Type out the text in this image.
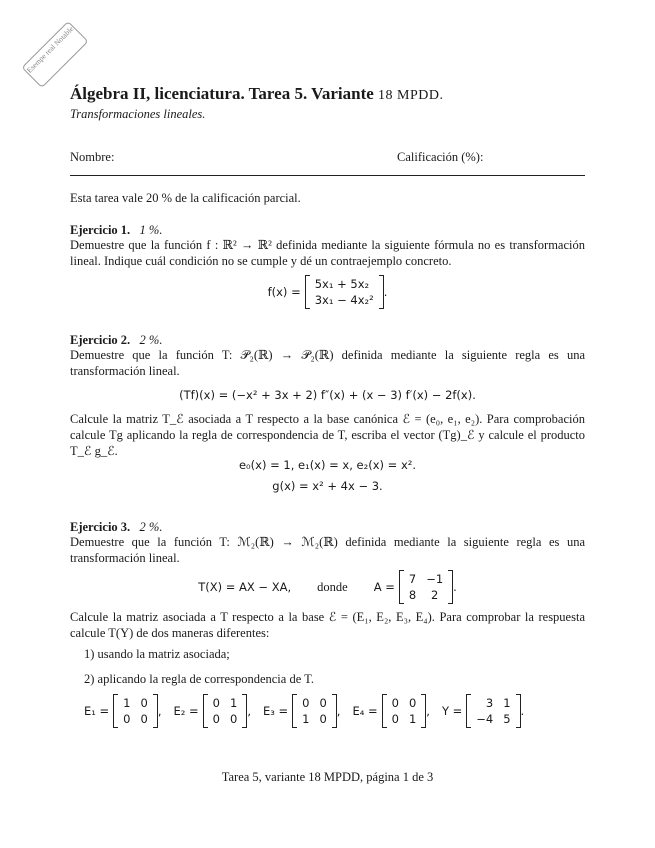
Esempe real Notable
Álgebra II, licenciatura. Tarea 5. Variante 18 MPDD.
Transformaciones lineales.
Nombre:	Calificación (%):

Esta tarea vale 20 % de la calificación parcial.

Ejercicio 1. 1 %.

Demuestre que la función f : ℝ² → ℝ² definida mediante la siguiente fórmula no es transformación lineal. Indique cuál condición no se cumple y dé un contraejemplo concreto.

f(x) =

5x₁ + 5x₂
3x₁ − 4x₂²
.

Ejercicio 2. 2 %.

Demuestre que la función T: 𝒫₂(ℝ) → 𝒫₂(ℝ) definida mediante la siguiente regla es una transformación lineal.

(Tf)(x) = (−x² + 3x + 2) f″(x) + (x − 3) f′(x) − 2f(x).

Calcule la matriz T_ℰ asociada a T respecto a la base canónica ℰ = (e₀, e₁, e₂). Para comprobación calcule Tg aplicando la regla de correspondencia de T, escriba el vector (Tg)_ℰ y calcule el producto T_ℰ g_ℰ.

e₀(x) = 1, e₁(x) = x, e₂(x) = x².

g(x) = x² + 4x − 3.

Ejercicio 3. 2 %.

Demuestre que la función T: ℳ₂(ℝ) → ℳ₂(ℝ) definida mediante la siguiente regla es una transformación lineal.

T(X) = AX − XA, donde A =

7 −1
8	2
.

Calcule la matriz asociada a T respecto a la base ℰ = (E₁, E₂, E₃, E₄). Para comprobar la respuesta calcule T(Y) de dos maneras diferentes:

1) usando la matriz asociada;
2) aplicando la regla de correspondencia de T.
E₁ =

1 0
0 0
, E₂ =

0 1
0 0
, E₃ =

0 0
1 0
, E₄ =

0 0
0 1
, Y =

3 1
−4 5
.
Tarea 5, variante 18 MPDD, página 1 de 3
